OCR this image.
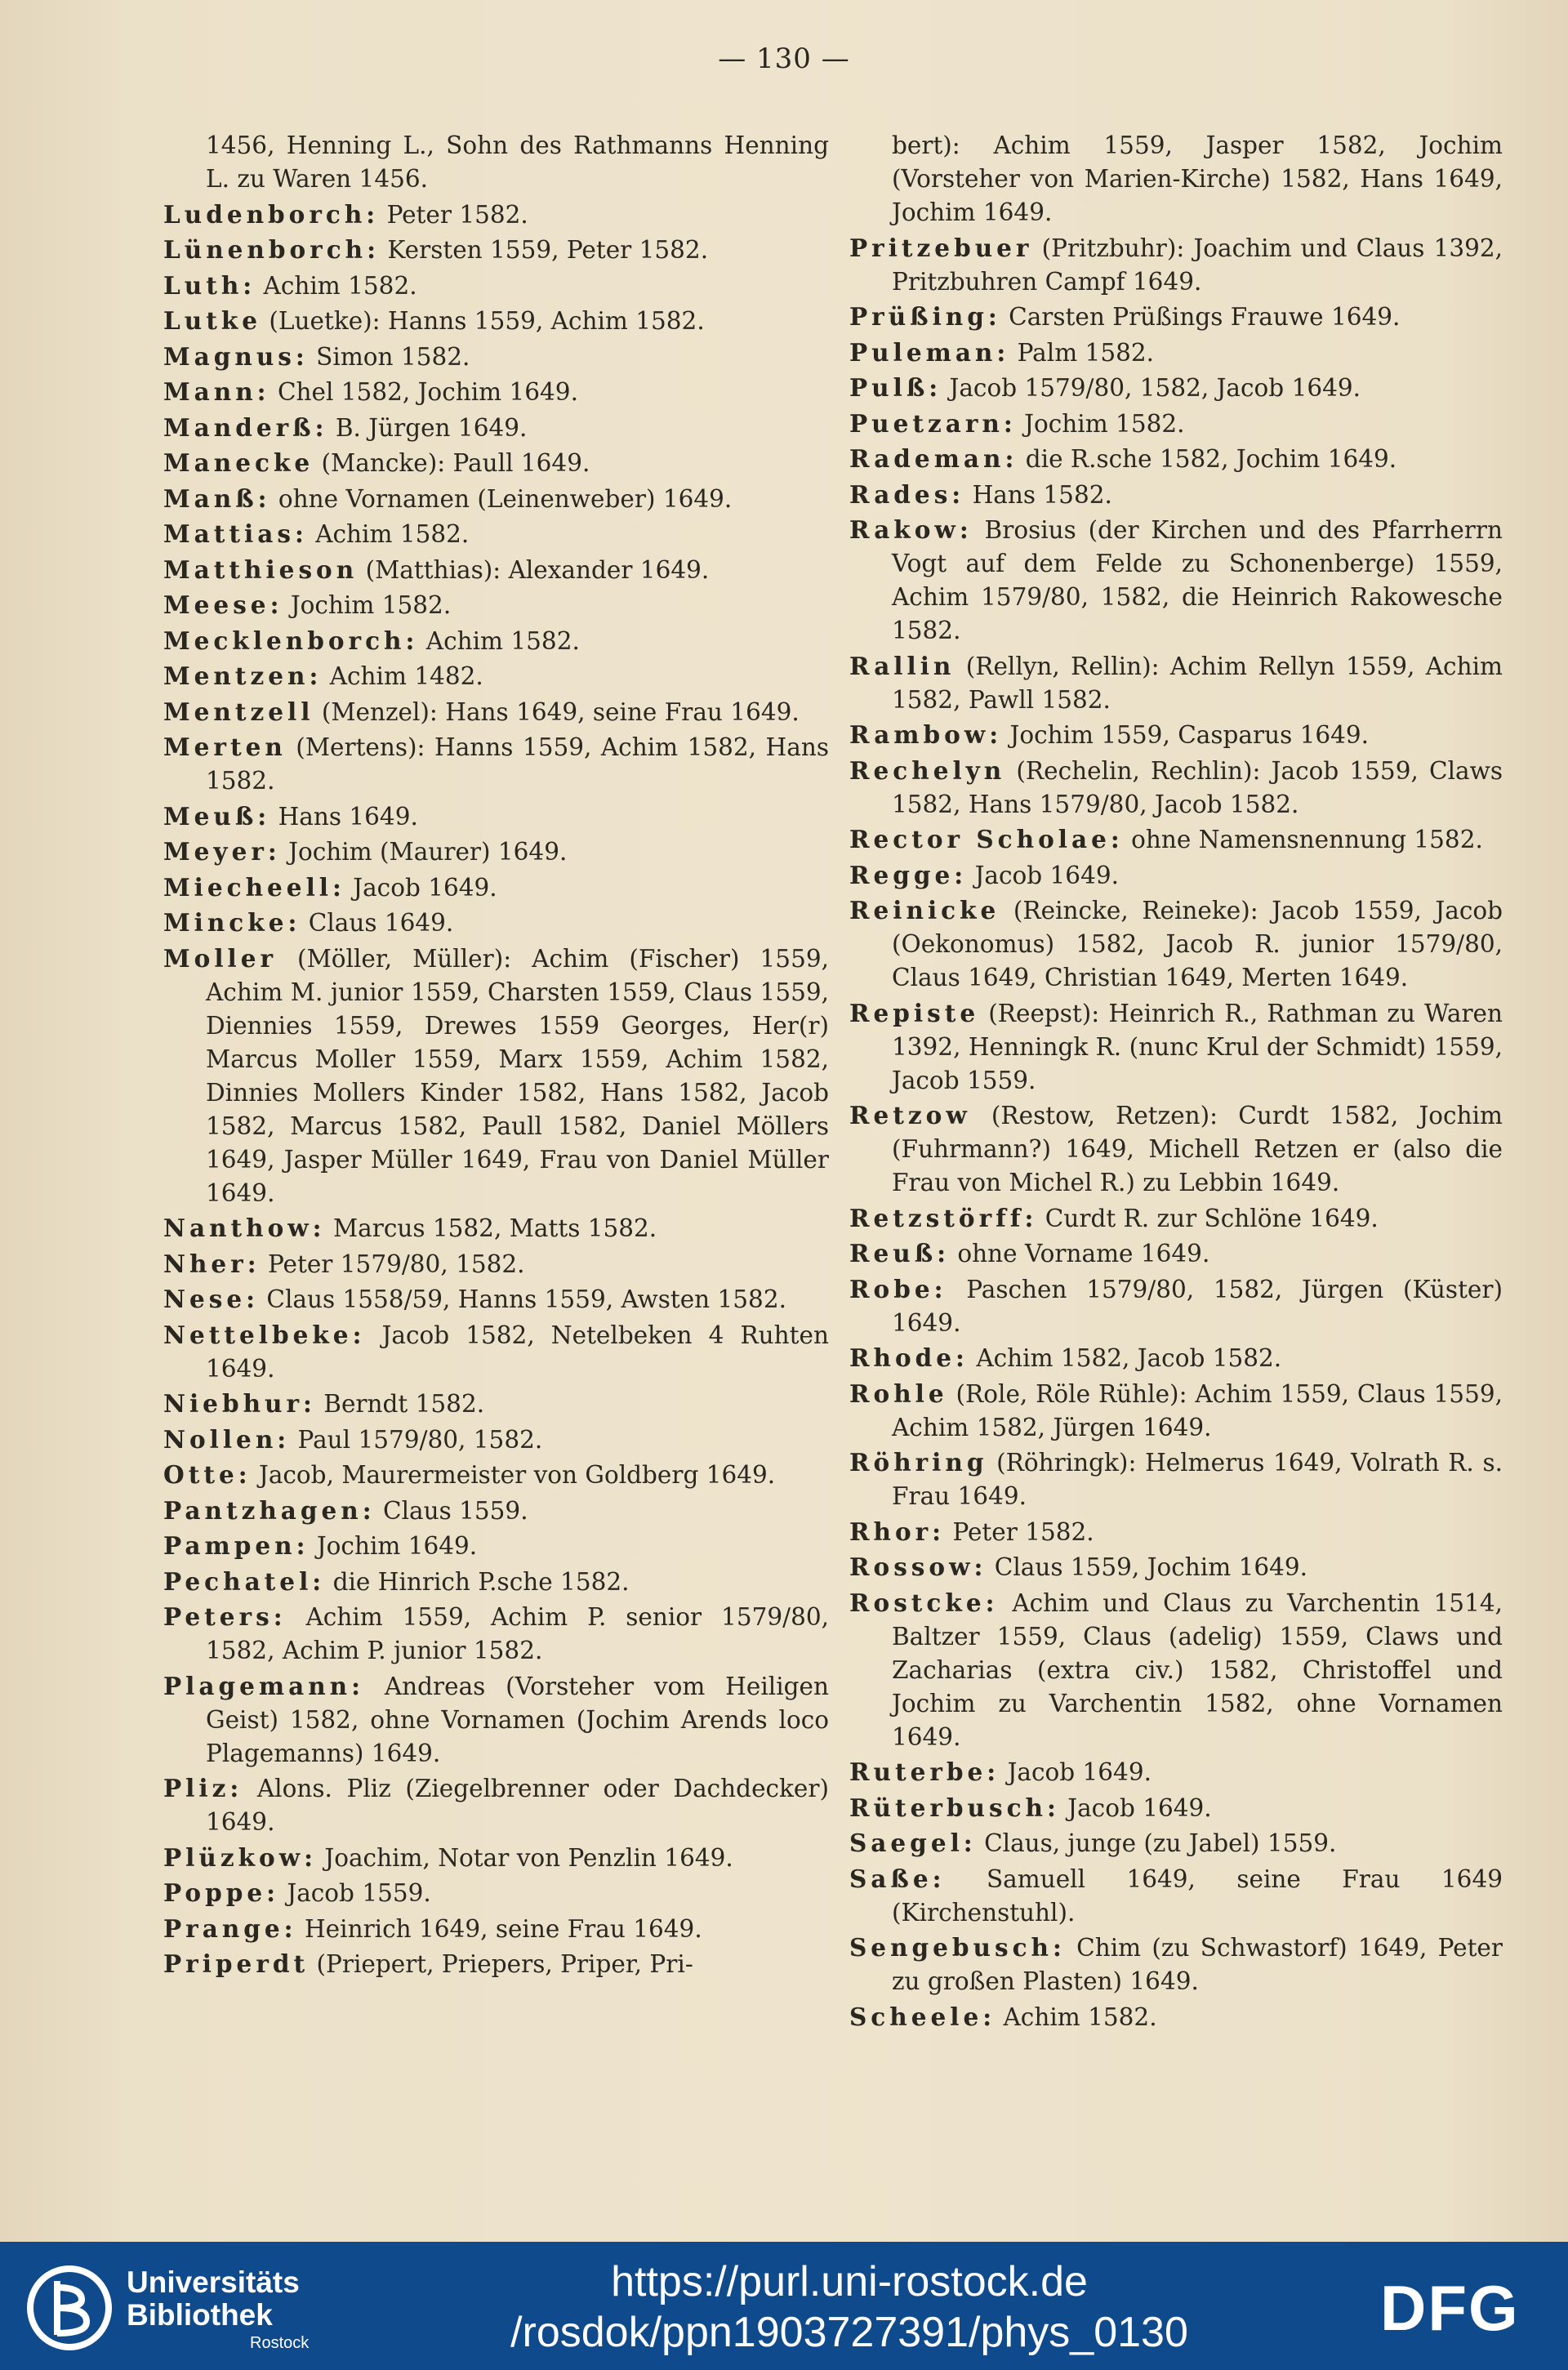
— 130 —

1456, Henning L., Sohn des Rathmanns Henning L. zu Waren 1456.

Ludenborch: Peter 1582.

Lünenborch: Kersten 1559, Peter 1582.

Luth: Achim 1582.

Lutke (Luetke): Hanns 1559, Achim 1582.

Magnus: Simon 1582.

Mann: Chel 1582, Jochim 1649.

Manderß: B. Jürgen 1649.

Manecke (Mancke): Paull 1649.

Manß: ohne Vornamen (Leinenweber) 1649.

Mattias: Achim 1582.

Matthieson (Matthias): Alexander 1649.

Meese: Jochim 1582.

Mecklenborch: Achim 1582.

Mentzen: Achim 1482.

Mentzell (Menzel): Hans 1649, seine Frau 1649.

Merten (Mertens): Hanns 1559, Achim 1582, Hans 1582.

Meuß: Hans 1649.

Meyer: Jochim (Maurer) 1649.

Miecheell: Jacob 1649.

Mincke: Claus 1649.

Moller (Möller, Müller): Achim (Fischer) 1559, Achim M. junior 1559, Charsten 1559, Claus 1559, Diennies 1559, Drewes 1559 Georges, Her(r) Marcus Moller 1559, Marx 1559, Achim 1582, Dinnies Mollers Kinder 1582, Hans 1582, Jacob 1582, Marcus 1582, Paull 1582, Daniel Möllers 1649, Jasper Müller 1649, Frau von Daniel Müller 1649.

Nanthow: Marcus 1582, Matts 1582.

Nher: Peter 1579/80, 1582.

Nese: Claus 1558/59, Hanns 1559, Awsten 1582.

Nettelbeke: Jacob 1582, Netelbeken 4 Ruhten 1649.

Niebhur: Berndt 1582.

Nollen: Paul 1579/80, 1582.

Otte: Jacob, Maurermeister von Goldberg 1649.

Pantzhagen: Claus 1559.

Pampen: Jochim 1649.

Pechatel: die Hinrich P.sche 1582.

Peters: Achim 1559, Achim P. senior 1579/80, 1582, Achim P. junior 1582.

Plagemann: Andreas (Vorsteher vom Heiligen Geist) 1582, ohne Vornamen (Jochim Arends loco Plagemanns) 1649.

Pliz: Alons. Pliz (Ziegelbrenner oder Dachdecker) 1649.

Plüzkow: Joachim, Notar von Penzlin 1649.

Poppe: Jacob 1559.

Prange: Heinrich 1649, seine Frau 1649.

Priperdt (Priepert, Priepers, Priper, Pri-

bert): Achim 1559, Jasper 1582, Jochim (Vorsteher von Marien-Kirche) 1582, Hans 1649, Jochim 1649.

Pritzebuer (Pritzbuhr): Joachim und Claus 1392, Pritzbuhren Campf 1649.

Prüßing: Carsten Prüßings Frauwe 1649.

Puleman: Palm 1582.

Pulß: Jacob 1579/80, 1582, Jacob 1649.

Puetzarn: Jochim 1582.

Rademan: die R.sche 1582, Jochim 1649.

Rades: Hans 1582.

Rakow: Brosius (der Kirchen und des Pfarrherrn Vogt auf dem Felde zu Schonenberge) 1559, Achim 1579/80, 1582, die Heinrich Rakowesche 1582.

Rallin (Rellyn, Rellin): Achim Rellyn 1559, Achim 1582, Pawll 1582.

Rambow: Jochim 1559, Casparus 1649.

Rechelyn (Rechelin, Rechlin): Jacob 1559, Claws 1582, Hans 1579/80, Jacob 1582.

Rector Scholae: ohne Namensnennung 1582.

Regge: Jacob 1649.

Reinicke (Reincke, Reineke): Jacob 1559, Jacob (Oekonomus) 1582, Jacob R. junior 1579/80, Claus 1649, Christian 1649, Merten 1649.

Repiste (Reepst): Heinrich R., Rathman zu Waren 1392, Henningk R. (nunc Krul der Schmidt) 1559, Jacob 1559.

Retzow (Restow, Retzen): Curdt 1582, Jochim (Fuhrmann?) 1649, Michell Retzen er (also die Frau von Michel R.) zu Lebbin 1649.

Retzstörff: Curdt R. zur Schlöne 1649.

Reuß: ohne Vorname 1649.

Robe: Paschen 1579/80, 1582, Jürgen (Küster) 1649.

Rhode: Achim 1582, Jacob 1582.

Rohle (Role, Röle Rühle): Achim 1559, Claus 1559, Achim 1582, Jürgen 1649.

Röhring (Röhringk): Helmerus 1649, Volrath R. s. Frau 1649.

Rhor: Peter 1582.

Rossow: Claus 1559, Jochim 1649.

Rostcke: Achim und Claus zu Varchentin 1514, Baltzer 1559, Claus (adelig) 1559, Claws und Zacharias (extra civ.) 1582, Christoffel und Jochim zu Varchentin 1582, ohne Vornamen 1649.

Ruterbe: Jacob 1649.

Rüterbusch: Jacob 1649.

Saegel: Claus, junge (zu Jabel) 1559.

Saße: Samuell 1649, seine Frau 1649 (Kirchenstuhl).

Sengebusch: Chim (zu Schwastorf) 1649, Peter zu großen Plasten) 1649.

Scheele: Achim 1582.

Universitäts
Bibliothek
Rostock
https://purl.uni-rostock.de
/rosdok/ppn1903727391/phys_0130	DFG
